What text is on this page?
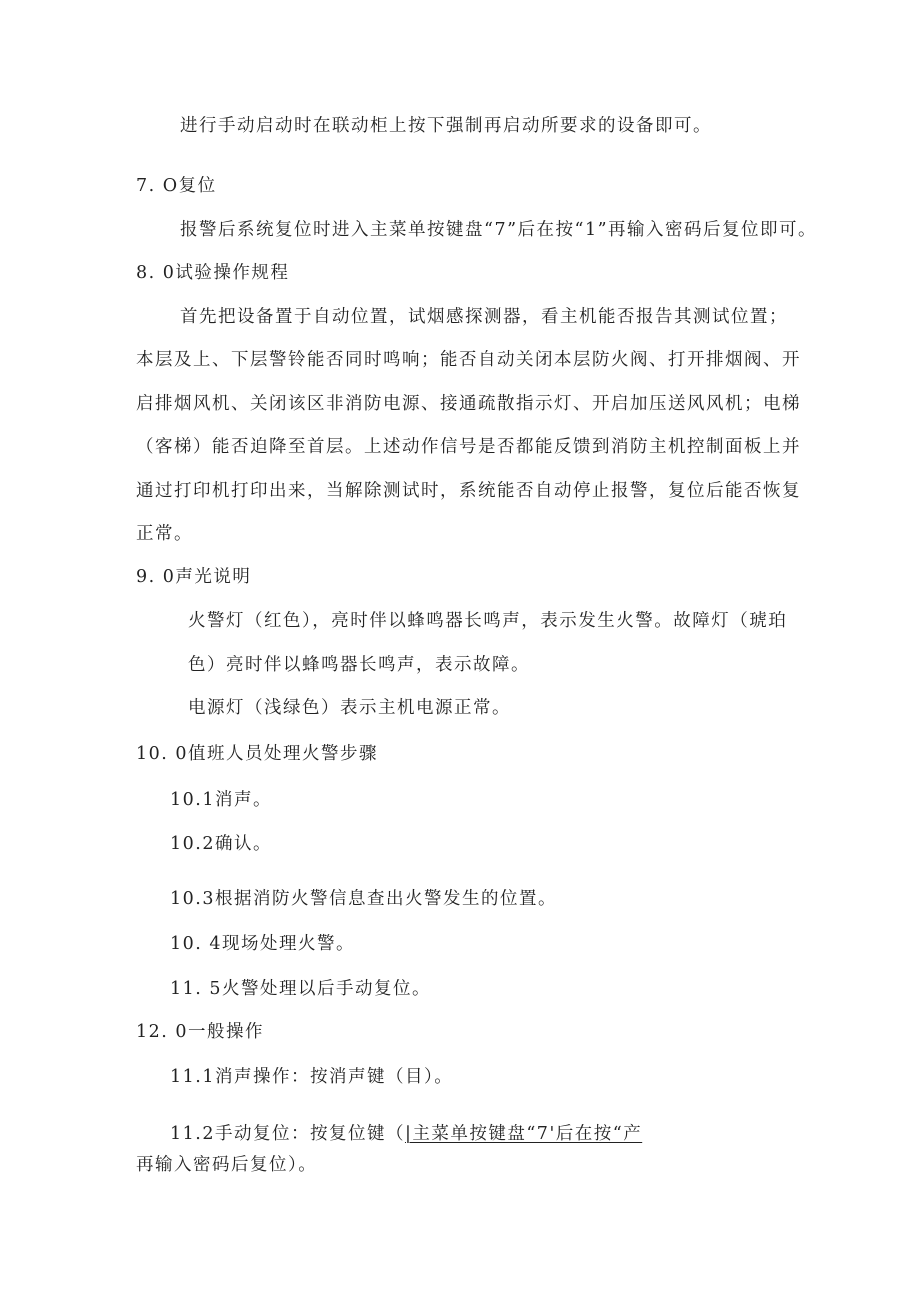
进行手动启动时在联动柜上按下强制再启动所要求的设备即可。
7. O复位
报警后系统复位时进入主菜单按键盘“7”后在按“1”再输入密码后复位即可。
8. 0试验操作规程
首先把设备置于自动位置，试烟感探测器，看主机能否报告其测试位置；
本层及上、下层警铃能否同时鸣响；能否自动关闭本层防火阀、打开排烟阀、开
启排烟风机、关闭该区非消防电源、接通疏散指示灯、开启加压送风风机；电梯
（客梯）能否迫降至首层。上述动作信号是否都能反馈到消防主机控制面板上并
通过打印机打印出来，当解除测试时，系统能否自动停止报警，复位后能否恢复
正常。
9. 0声光说明
火警灯（红色），亮时伴以蜂鸣器长鸣声，表示发生火警。故障灯（琥珀
色）亮时伴以蜂鸣器长鸣声，表示故障。
电源灯（浅绿色）表示主机电源正常。
10. 0值班人员处理火警步骤
10.1消声。
10.2确认。
10.3根据消防火警信息查出火警发生的位置。
10. 4现场处理火警。
11. 5火警处理以后手动复位。
12. 0一般操作
11.1消声操作：按消声键（目）。
11.2手动复位：按复位键（|主菜单按键盘“7'后在按“产
再输入密码后复位）。
